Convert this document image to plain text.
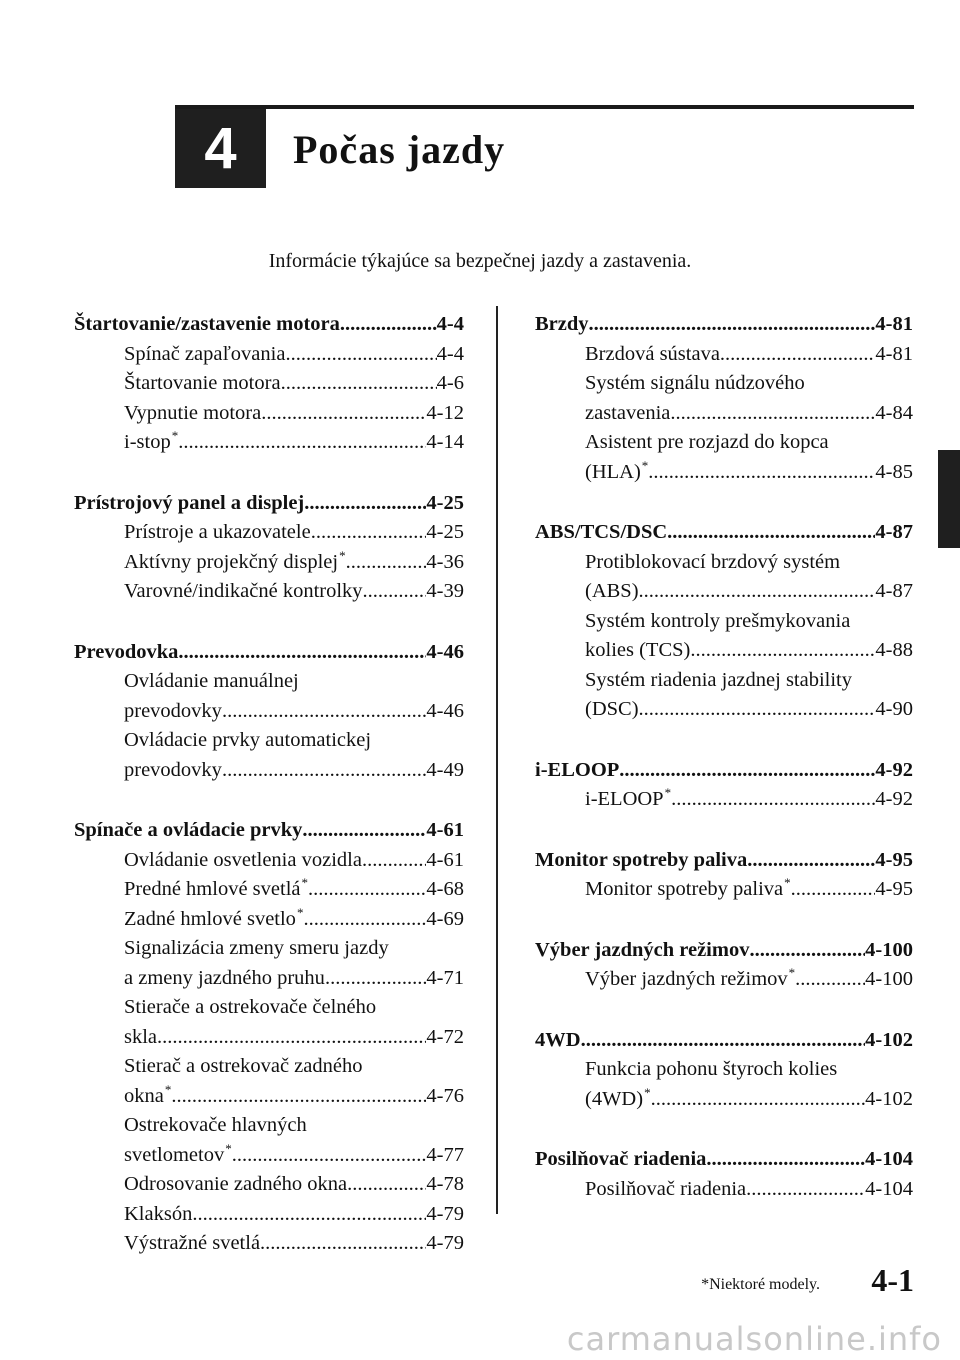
4 Počas jazdy
Informácie týkajúce sa bezpečnej jazdy a zastavenia.
Štartovanie/zastavenie motora .....	4-4
Spínač zapaľovania .....	4-4
Štartovanie motora .....	4-6
Vypnutie motora .....	4-12
i-stop* .....	4-14
Prístrojový panel a displej .....	4-25
Prístroje a ukazovatele .....	4-25
Aktívny projekčný displej* .....	4-36
Varovné/indikačné kontrolky .....	4-39
Prevodovka .....	4-46
Ovládanie manuálnej
prevodovky .....	4-46
Ovládacie prvky automatickej
prevodovky .....	4-49
Spínače a ovládacie prvky .....	4-61
Ovládanie osvetlenia vozidla .....	4-61
Predné hmlové svetlá* .....	4-68
Zadné hmlové svetlo* .....	4-69
Signalizácia zmeny smeru jazdy
a zmeny jazdného pruhu .....	4-71
Stierače a ostrekovače čelného
skla .....	4-72
Stierač a ostrekovač zadného
okna* .....	4-76
Ostrekovače hlavných
svetlometov* .....	4-77
Odrosovanie zadného okna .....	4-78
Klaksón .....	4-79
Výstražné svetlá .....	4-79
Brzdy .....	4-81
Brzdová sústava .....	4-81
Systém signálu núdzového
zastavenia .....	4-84
Asistent pre rozjazd do kopca
(HLA)* .....	4-85
ABS/TCS/DSC .....	4-87
Protiblokovací brzdový systém
(ABS) .....	4-87
Systém kontroly prešmykovania
kolies (TCS) .....	4-88
Systém riadenia jazdnej stability
(DSC) .....	4-90
i-ELOOP .....	4-92
i-ELOOP* .....	4-92
Monitor spotreby paliva .....	4-95
Monitor spotreby paliva* .....	4-95
Výber jazdných režimov .....	4-100
Výber jazdných režimov* .....	4-100
4WD .....	4-102
Funkcia pohonu štyroch kolies
(4WD)* .....	4-102
Posilňovač riadenia .....	4-104
Posilňovač riadenia .....	4-104
*Niektoré modely. 4-1
carmanualsonline.info
